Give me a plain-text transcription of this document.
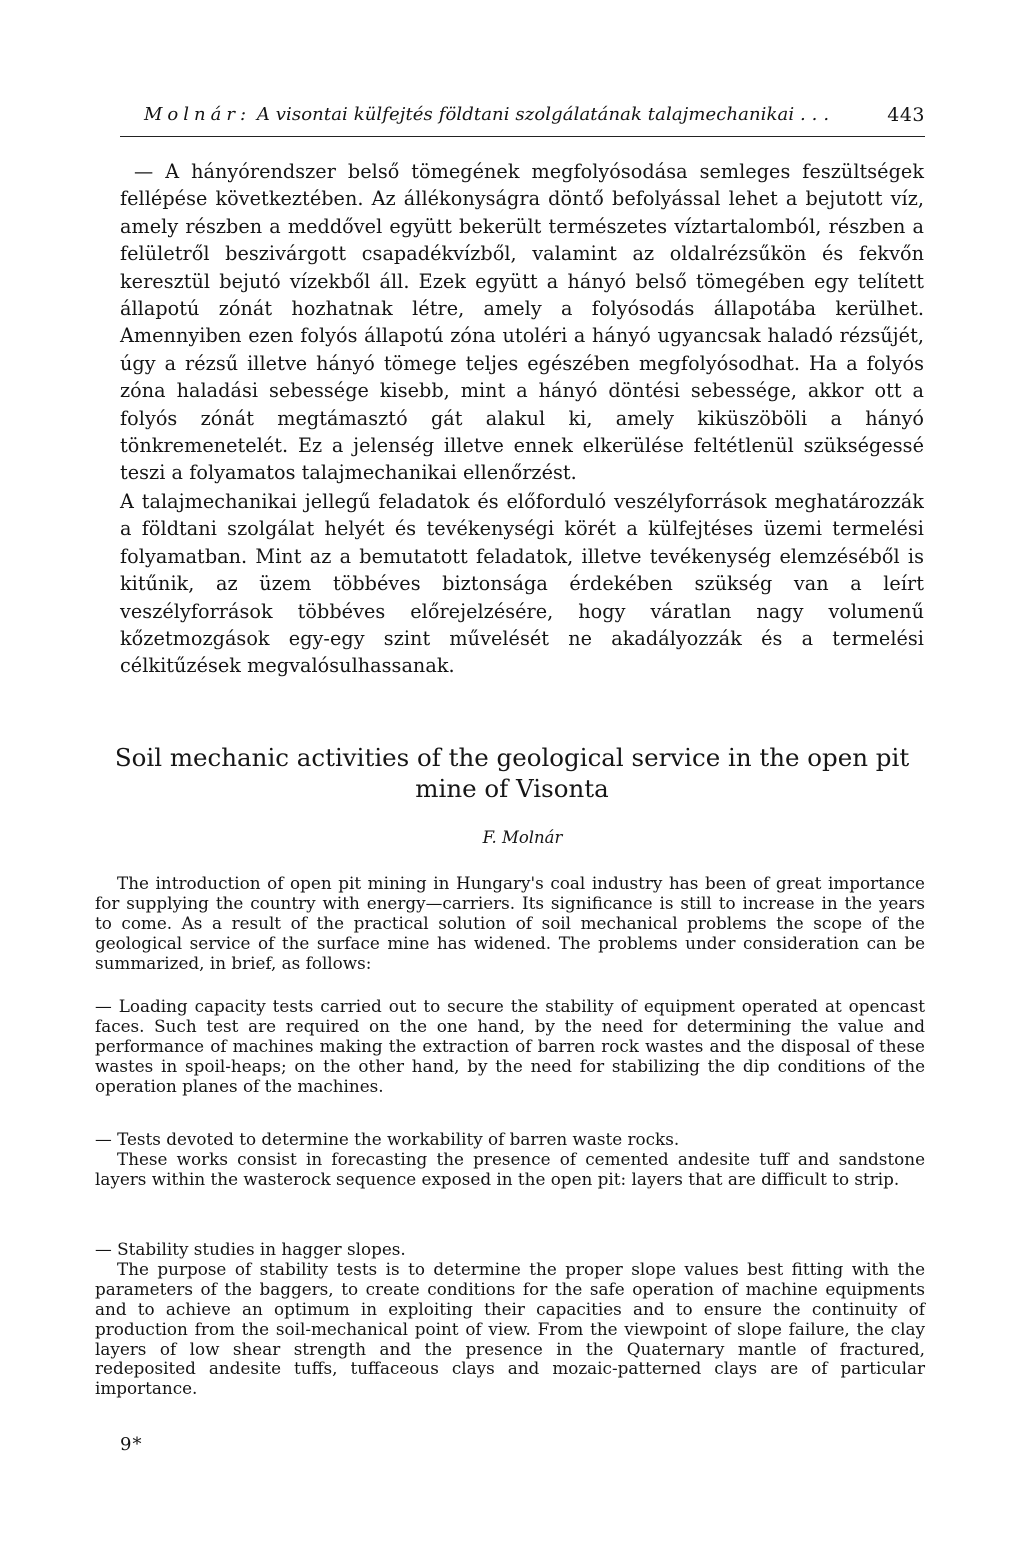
Molnár: A visontai külfejtés földtani szolgálatának talajmechanikai . . .	443

— A hányórendszer belső tömegének megfolyósodása semleges feszültségek fellépése következtében. Az állékonyságra döntő befolyással lehet a bejutott víz, amely részben a meddővel együtt bekerült természetes víztartalomból, részben a felületről beszivárgott csapadékvízből, valamint az oldalrézsűkön és fekvőn keresztül bejutó vízekből áll. Ezek együtt a hányó belső tömegében egy telített állapotú zónát hozhatnak létre, amely a folyósodás állapotába kerülhet. Amennyiben ezen folyós állapotú zóna utoléri a hányó ugyancsak haladó rézsűjét, úgy a rézsű illetve hányó tömege teljes egészében megfolyósodhat. Ha a folyós zóna haladási sebessége kisebb, mint a hányó döntési sebessége, akkor ott a folyós zónát megtámasztó gát alakul ki, amely kiküszöböli a hányó tönkremenetelét. Ez a jelenség illetve ennek elkerülése feltétlenül szükségessé teszi a folyamatos talajmechanikai ellenőrzést.

A talajmechanikai jellegű feladatok és előforduló veszélyforrások meghatározzák a földtani szolgálat helyét és tevékenységi körét a külfejtéses üzemi termelési folyamatban. Mint az a bemutatott feladatok, illetve tevékenység elemzéséből is kitűnik, az üzem többéves biztonsága érdekében szükség van a leírt veszélyforrások többéves előrejelzésére, hogy váratlan nagy volumenű kőzetmozgások egy-egy szint művelését ne akadályozzák és a termelési célkitűzések megvalósulhassanak.

Soil mechanic activities of the geological service in the open pit mine of Visonta
F. Molnár

The introduction of open pit mining in Hungary's coal industry has been of great importance for supplying the country with energy—carriers. Its significance is still to increase in the years to come. As a result of the practical solution of soil mechanical problems the scope of the geological service of the surface mine has widened. The problems under consideration can be summarized, in brief, as follows:

— Loading capacity tests carried out to secure the stability of equipment operated at opencast faces. Such test are required on the one hand, by the need for determining the value and performance of machines making the extraction of barren rock wastes and the disposal of these wastes in spoil-heaps; on the other hand, by the need for stabilizing the dip conditions of the operation planes of the machines.

— Tests devoted to determine the workability of barren waste rocks.

These works consist in forecasting the presence of cemented andesite tuff and sandstone layers within the wasterock sequence exposed in the open pit: layers that are difficult to strip.

— Stability studies in hagger slopes.

The purpose of stability tests is to determine the proper slope values best fitting with the parameters of the baggers, to create conditions for the safe operation of machine equipments and to achieve an optimum in exploiting their capacities and to ensure the continuity of production from the soil-mechanical point of view. From the viewpoint of slope failure, the clay layers of low shear strength and the presence in the Quaternary mantle of fractured, redeposited andesite tuffs, tuffaceous clays and mozaic-patterned clays are of particular importance.

9*
